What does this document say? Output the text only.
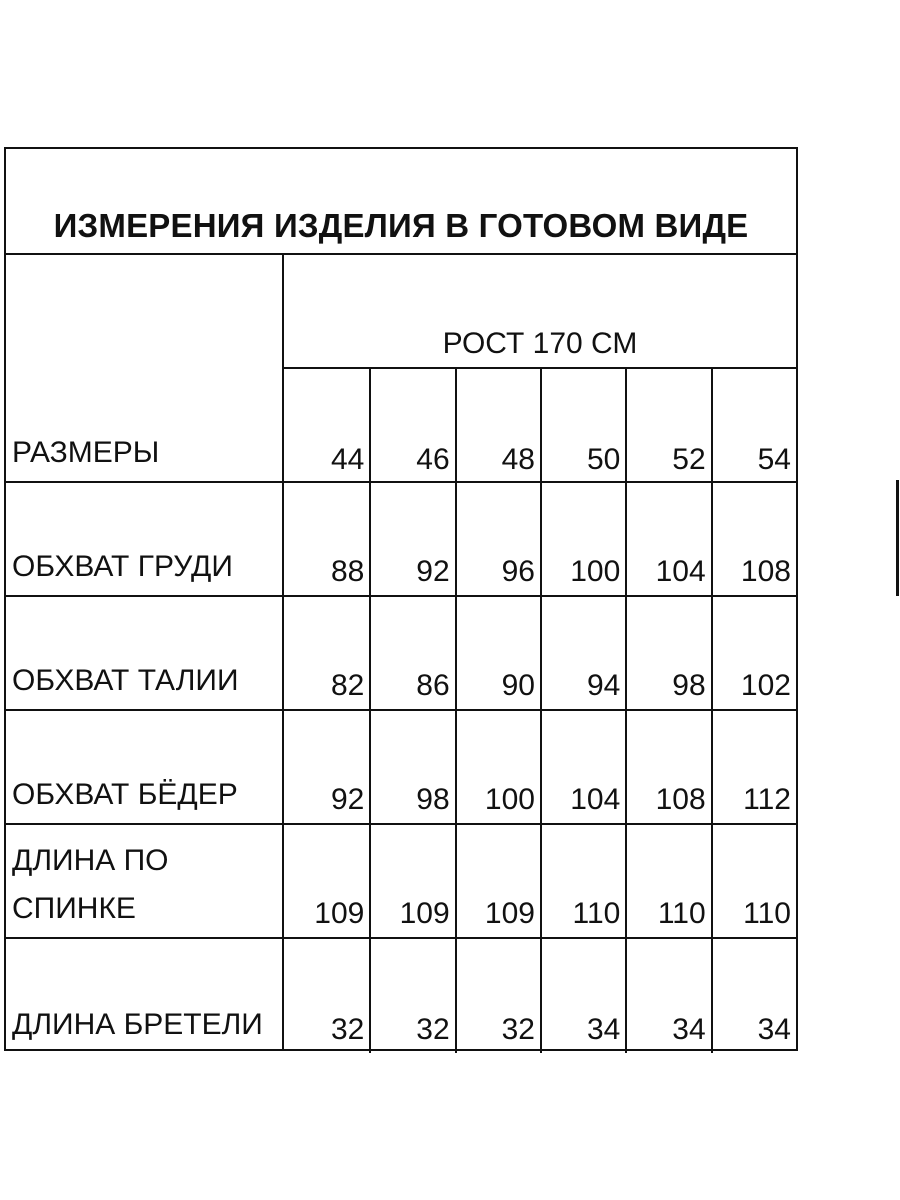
ИЗМЕРЕНИЯ ИЗДЕЛИЯ В ГОТОВОМ ВИДЕ
РОСТ 170 СМ
РАЗМЕРЫ	44 46 48 50 52 54
ОБХВАТ ГРУДИ	88 92 96 100 104 108
ОБХВАТ ТАЛИИ	82 86 90 94 98 102
ОБХВАТ БЁДЕР	92 98 100 104 108 112
ДЛИНА ПО
СПИНКЕ	109 109 109 110 110 110
ДЛИНА БРЕТЕЛИ 32 32 32 34 34 34
